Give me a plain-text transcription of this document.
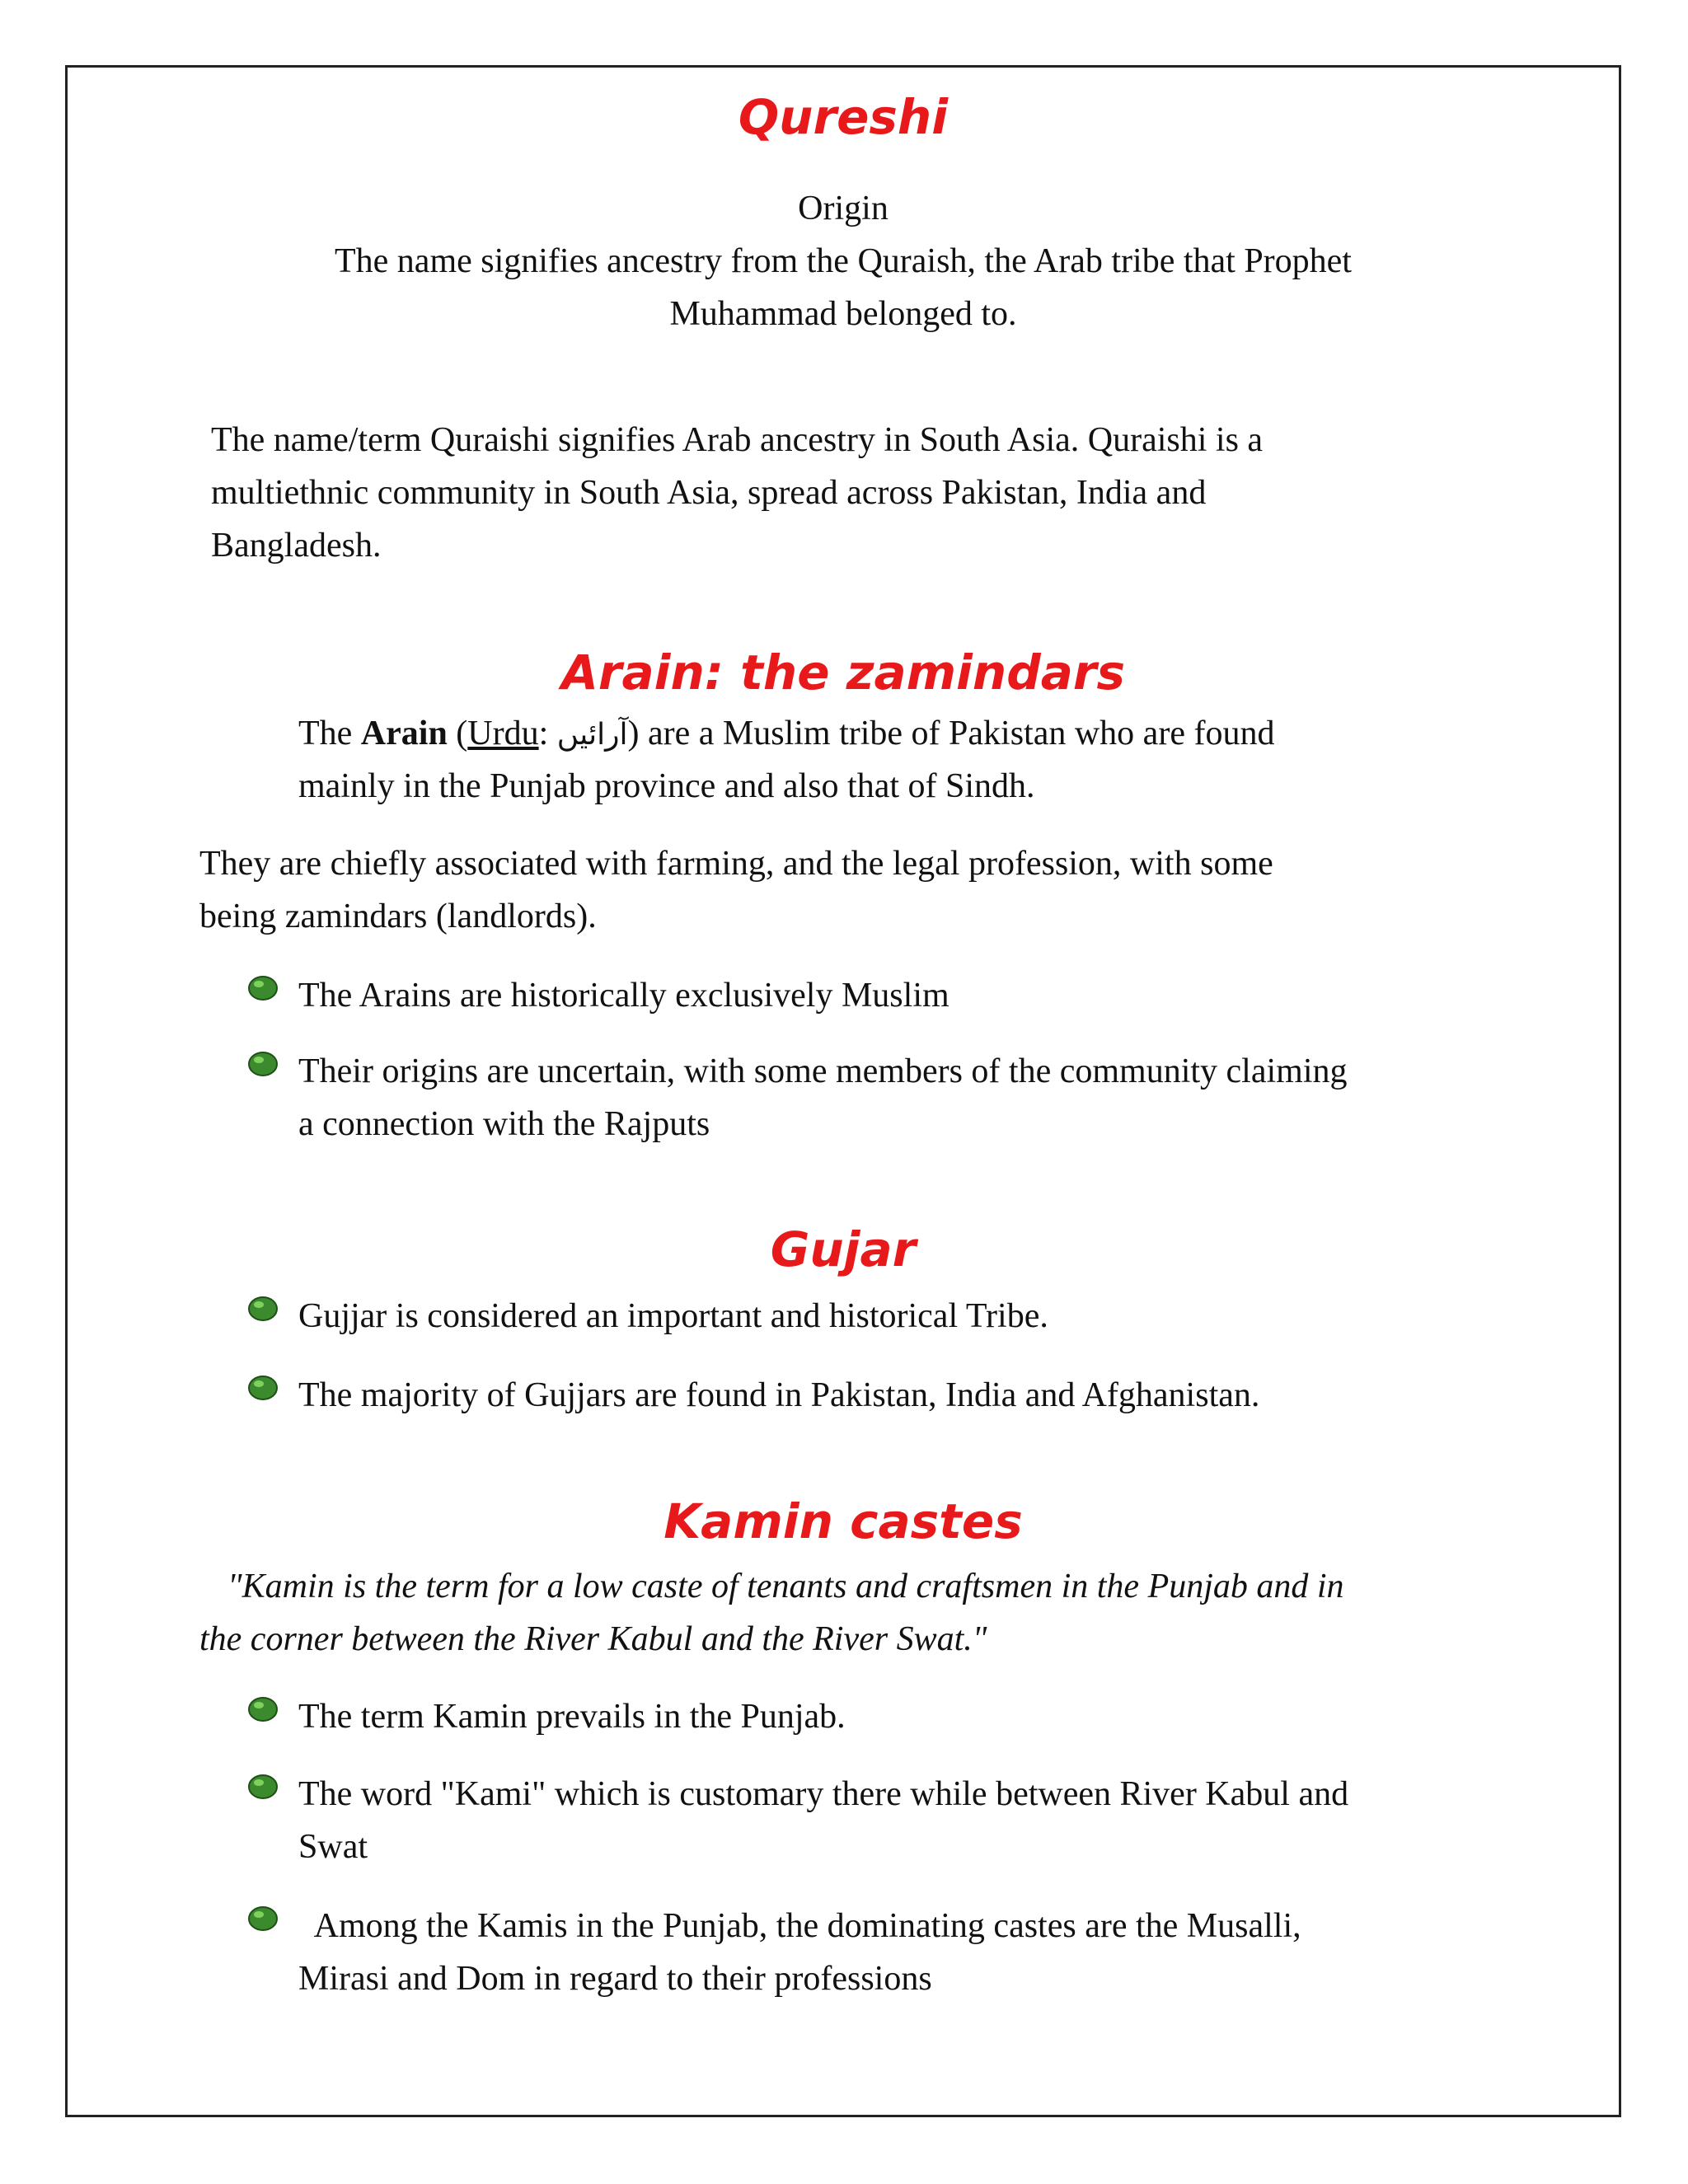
Qureshi
Origin
The name signifies ancestry from the Quraish, the Arab tribe that Prophet
Muhammad belonged to.
The name/term Quraishi signifies Arab ancestry in South Asia. Quraishi is a
multiethnic community in South Asia, spread across Pakistan, India and
Bangladesh.
Arain: the zamindars
The Arain (Urdu: آرائیں) are a Muslim tribe of Pakistan who are found
mainly in the Punjab province and also that of Sindh.
They are chiefly associated with farming, and the legal profession, with some
being zamindars (landlords).
The Arains are historically exclusively Muslim
Their origins are uncertain, with some members of the community claiming
a connection with the Rajputs
Gujar
Gujjar is considered an important and historical Tribe.
The majority of Gujjars are found in Pakistan, India and Afghanistan.
Kamin castes
"Kamin is the term for a low caste of tenants and craftsmen in the Punjab and in
the corner between the River Kabul and the River Swat."
The term Kamin prevails in the Punjab.
The word "Kami" which is customary there while between River Kabul and
Swat
Among the Kamis in the Punjab, the dominating castes are the Musalli,
Mirasi and Dom in regard to their professions
